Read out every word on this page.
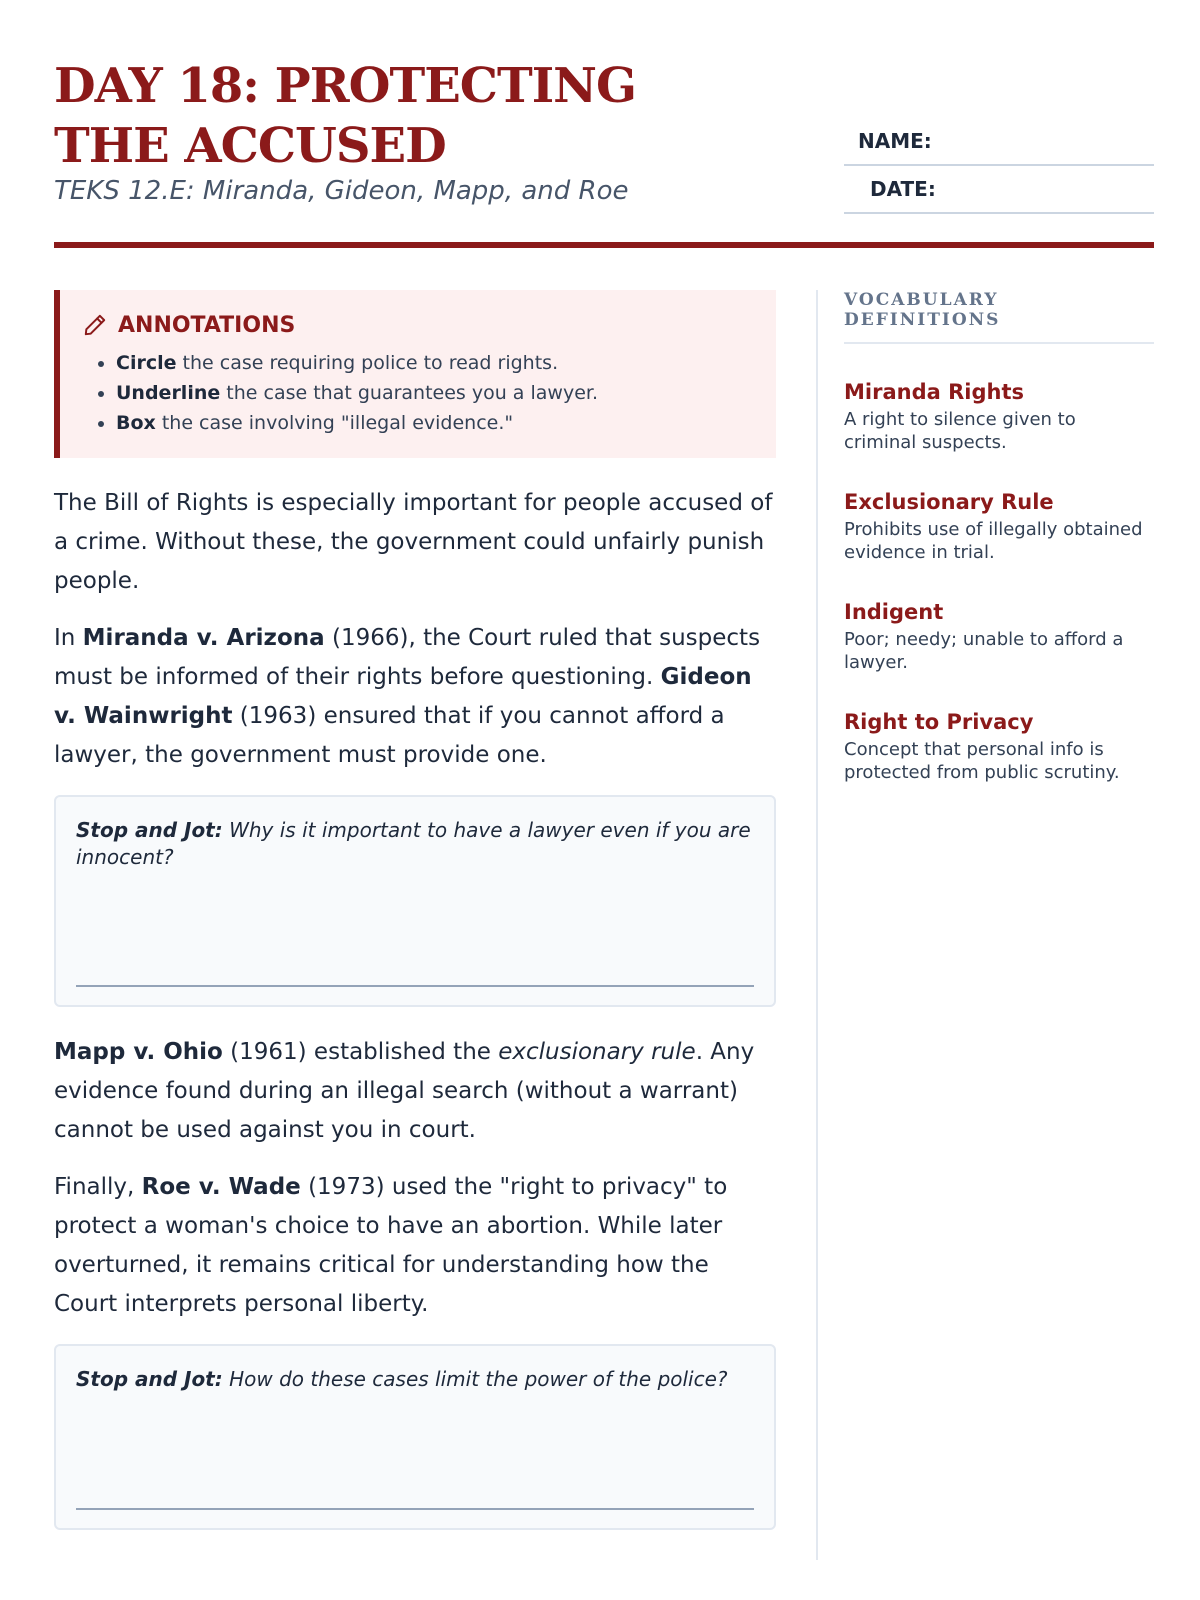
DAY 18: PROTECTING THE ACCUSED
TEKS 12.E: Miranda, Gideon, Mapp, and Roe
NAME:
DATE:
ANNOTATIONS
• Circle the case requiring police to read rights.
• Underline the case that guarantees you a lawyer.
• Box the case involving "illegal evidence."

The Bill of Rights is especially important for people accused of a crime. Without these, the government could unfairly punish people.

In Miranda v. Arizona (1966), the Court ruled that suspects must be informed of their rights before questioning. Gideon v. Wainwright (1963) ensured that if you cannot afford a lawyer, the government must provide one.

Stop and Jot: Why is it important to have a lawyer even if you are innocent?

Mapp v. Ohio (1961) established the exclusionary rule. Any evidence found during an illegal search (without a warrant) cannot be used against you in court.

Finally, Roe v. Wade (1973) used the "right to privacy" to protect a woman's choice to have an abortion. While later overturned, it remains critical for understanding how the Court interprets personal liberty.

Stop and Jot: How do these cases limit the power of the police?
VOCABULARY DEFINITIONS
Miranda Rights
A right to silence given to criminal suspects.
Exclusionary Rule
Prohibits use of illegally obtained evidence in trial.
Indigent
Poor; needy; unable to afford a lawyer.
Right to Privacy
Concept that personal info is protected from public scrutiny.
